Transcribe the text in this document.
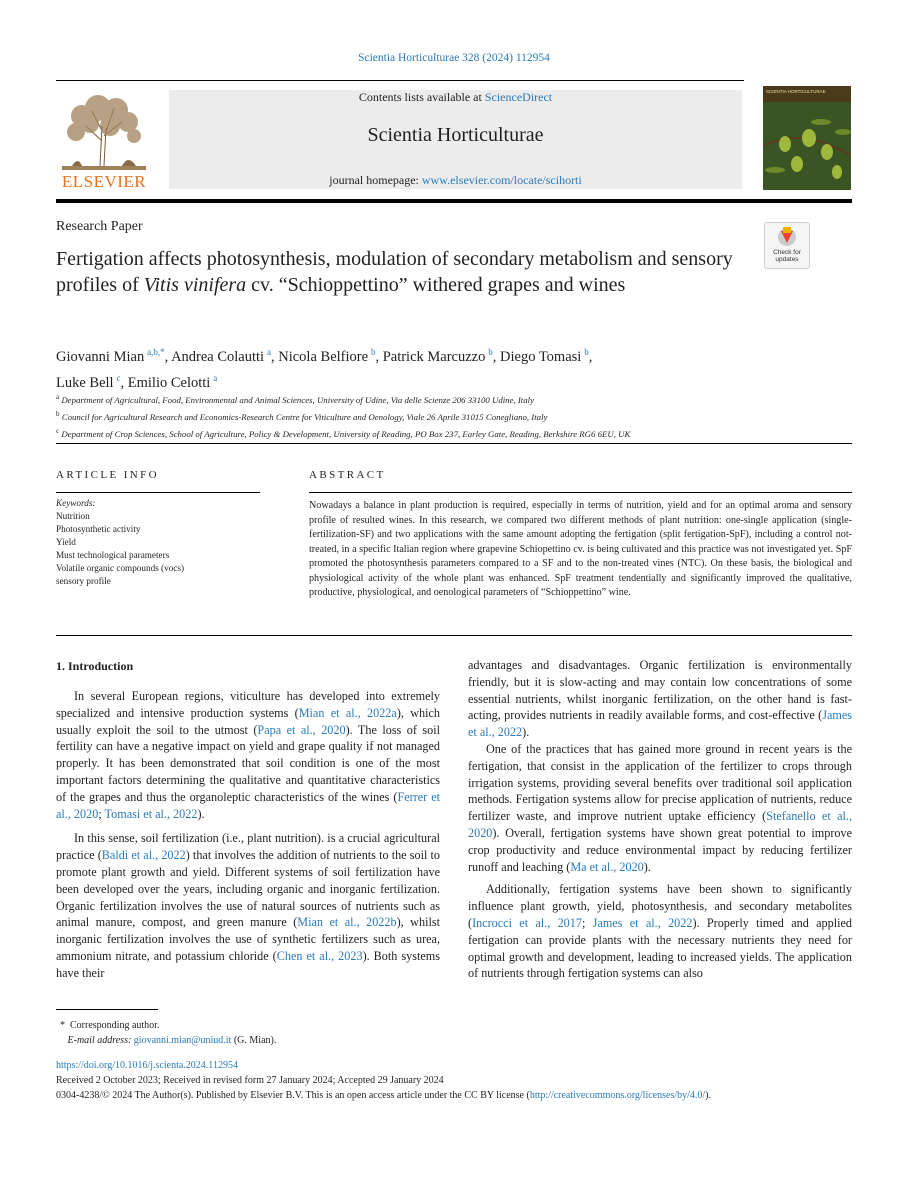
Scientia Horticulturae 328 (2024) 112954
ELSEVIER
Contents lists available at ScienceDirect
Scientia Horticulturae
journal homepage: www.elsevier.com/locate/scihorti
SCIENTIA HORTICULTURAE
Research Paper
Check for updates
Fertigation affects photosynthesis, modulation of secondary metabolism and sensory profiles of Vitis vinifera cv. “Schioppettino” withered grapes and wines
Giovanni Mian  $^{a,b,*}$, Andrea Colautti  $^a$, Nicola Belfiore  $^b$, Patrick Marcuzzo  $^b$, Diego Tomasi  $^b$,
Luke Bell  $^c$, Emilio Celotti  $^a$
$^a$ Department of Agricultural, Food, Environmental and Animal Sciences, University of Udine, Via delle Scienze 206 33100 Udine, Italy
$^b$ Council for Agricultural Research and Economics-Research Centre for Viticulture and Oenology, Viale 26 Aprile 31015 Conegliano, Italy
$^c$ Department of Crop Sciences, School of Agriculture, Policy & Development, University of Reading, PO Box 237, Earley Gate, Reading, Berkshire RG6 6EU, UK
ARTICLE INFO	ABSTRACT
Keywords:
Nutrition
Photosynthetic activity
Yield
Must technological parameters
Volatile organic compounds (vocs)
sensory profile
Nowadays a balance in plant production is required, especially in terms of nutrition, yield and for an optimal aroma and sensory profile of resulted wines. In this research, we compared two different methods of plant nutrition: one-single application (single-fertilization-SF) and two applications with the same amount adopting the fertigation (split fertigation-SpF), including a control not-treated, in a specific Italian region where grapevine Schiopettino cv. is being cultivated and this practice was not investigated yet. SpF promoted the photosynthesis parameters compared to a SF and to the non-treated vines (NTC). On these basis, the biological and physiological activity of the whole plant was enhanced. SpF treatment tendentially and significantly improved the qualitative, productive, physiological, and oenological parameters of “Schioppettino” wine.
1. Introduction

In several European regions, viticulture has developed into extremely specialized and intensive production systems (Mian et al., 2022a), which usually exploit the soil to the utmost (Papa et al., 2020). The loss of soil fertility can have a negative impact on yield and grape quality if not managed properly. It has been demonstrated that soil condition is one of the most important factors determining the qualitative and quantitative characteristics of the grapes and thus the organoleptic characteristics of the wines (Ferrer et al., 2020; Tomasi et al., 2022).

In this sense, soil fertilization (i.e., plant nutrition). is a crucial agricultural practice (Baldi et al., 2022) that involves the addition of nutrients to the soil to promote plant growth and yield. Different systems of soil fertilization have been developed over the years, including organic and inorganic fertilization. Organic fertilization involves the use of natural sources of nutrients such as animal manure, compost, and green manure (Mian et al., 2022b), whilst inorganic fertilization involves the use of synthetic fertilizers such as urea, ammonium nitrate, and potassium chloride (Chen et al., 2023). Both systems have their

advantages and disadvantages. Organic fertilization is environmentally friendly, but it is slow-acting and may contain low concentrations of some essential nutrients, whilst inorganic fertilization, on the other hand is fast-acting, provides nutrients in readily available forms, and cost-effective (James et al., 2022).

One of the practices that has gained more ground in recent years is the fertigation, that consist in the application of the fertilizer to crops through irrigation systems, providing several benefits over traditional soil application methods. Fertigation systems allow for precise application of nutrients, reduce fertilizer waste, and improve nutrient uptake efficiency (Stefanello et al., 2020). Overall, fertigation systems have shown great potential to improve crop productivity and reduce environmental impact by reducing fertilizer runoff and leaching (Ma et al., 2020).

Additionally, fertigation systems have been shown to significantly influence plant growth, yield, photosynthesis, and secondary metabolites (Incrocci et al., 2017; James et al., 2022). Properly timed and applied fertigation can provide plants with the necessary nutrients they need for optimal growth and development, leading to increased yields. The application of nutrients through fertigation systems can also

* Corresponding author.
E-mail address: giovanni.mian@uniud.it (G. Mian).
https://doi.org/10.1016/j.scienta.2024.112954
Received 2 October 2023; Received in revised form 27 January 2024; Accepted 29 January 2024
0304-4238/© 2024 The Author(s). Published by Elsevier B.V. This is an open access article under the CC BY license (http://creativecommons.org/licenses/by/4.0/).
